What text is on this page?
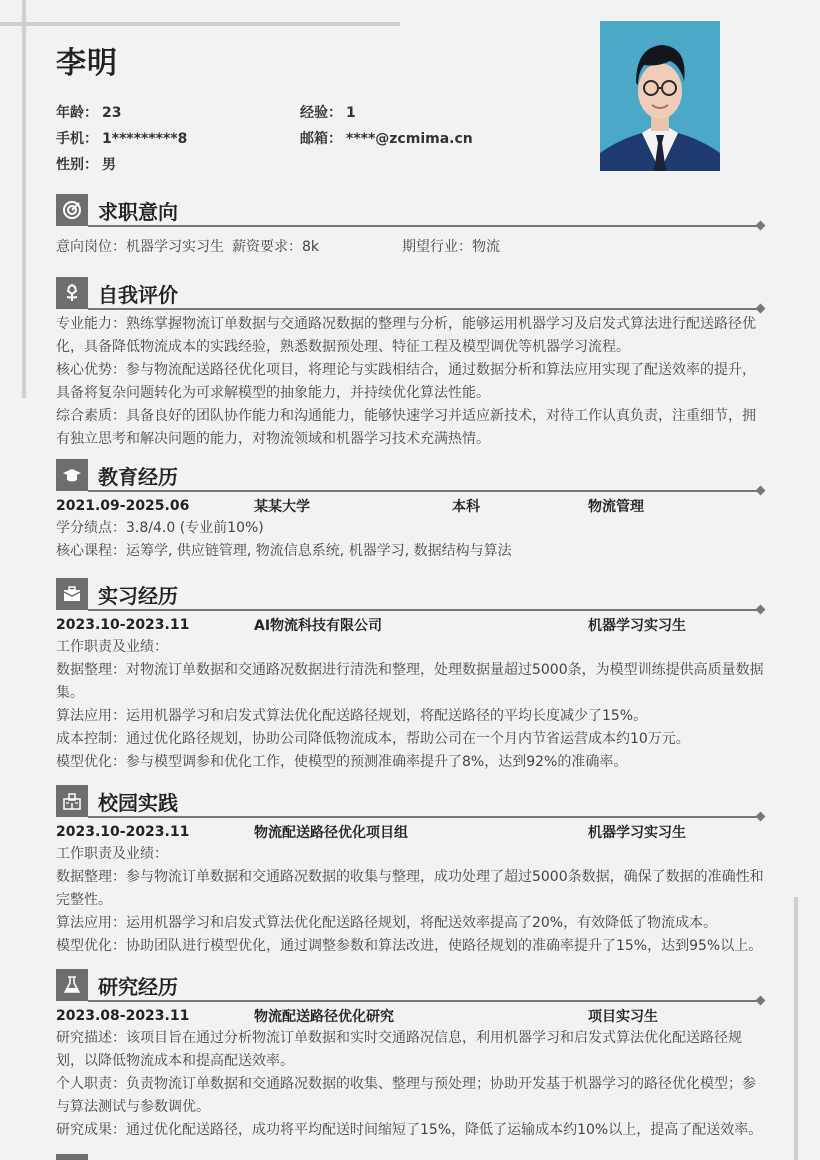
李明
年龄： 23	经验： 1
手机： 1*********8	邮箱： ****@zcmima.cn
性别： 男
求职意向
意向岗位：机器学习实习生 薪资要求：8k	期望行业：物流
自我评价

专业能力：熟练掌握物流订单数据与交通路况数据的整理与分析，能够运用机器学习及启发式算法进行配送路径优化，具备降低物流成本的实践经验，熟悉数据预处理、特征工程及模型调优等机器学习流程。

核心优势：参与物流配送路径优化项目，将理论与实践相结合，通过数据分析和算法应用实现了配送效率的提升，具备将复杂问题转化为可求解模型的抽象能力，并持续优化算法性能。

综合素质：具备良好的团队协作能力和沟通能力，能够快速学习并适应新技术，对待工作认真负责，注重细节，拥有独立思考和解决问题的能力，对物流领域和机器学习技术充满热情。

教育经历
2021.09-2025.06	某某大学	本科	物流管理

学分绩点：3.8/4.0 (专业前10%)

核心课程：运筹学, 供应链管理, 物流信息系统, 机器学习, 数据结构与算法

实习经历
2023.10-2023.11	AI物流科技有限公司	机器学习实习生

工作职责及业绩：

数据整理：对物流订单数据和交通路况数据进行清洗和整理，处理数据量超过5000条，为模型训练提供高质量数据集。

算法应用：运用机器学习和启发式算法优化配送路径规划，将配送路径的平均长度减少了15%。

成本控制：通过优化路径规划，协助公司降低物流成本，帮助公司在一个月内节省运营成本约10万元。

模型优化：参与模型调参和优化工作，使模型的预测准确率提升了8%，达到92%的准确率。

校园实践
2023.10-2023.11	物流配送路径优化项目组	机器学习实习生

工作职责及业绩：

数据整理：参与物流订单数据和交通路况数据的收集与整理，成功处理了超过5000条数据，确保了数据的准确性和完整性。

算法应用：运用机器学习和启发式算法优化配送路径规划，将配送效率提高了20%，有效降低了物流成本。

模型优化：协助团队进行模型优化，通过调整参数和算法改进，使路径规划的准确率提升了15%，达到95%以上。

研究经历
2023.08-2023.11	物流配送路径优化研究	项目实习生

研究描述：该项目旨在通过分析物流订单数据和实时交通路况信息，利用机器学习和启发式算法优化配送路径规划，以降低物流成本和提高配送效率。

个人职责：负责物流订单数据和交通路况数据的收集、整理与预处理；协助开发基于机器学习的路径优化模型；参与算法测试与参数调优。

研究成果：通过优化配送路径，成功将平均配送时间缩短了15%，降低了运输成本约10%以上，提高了配送效率。
